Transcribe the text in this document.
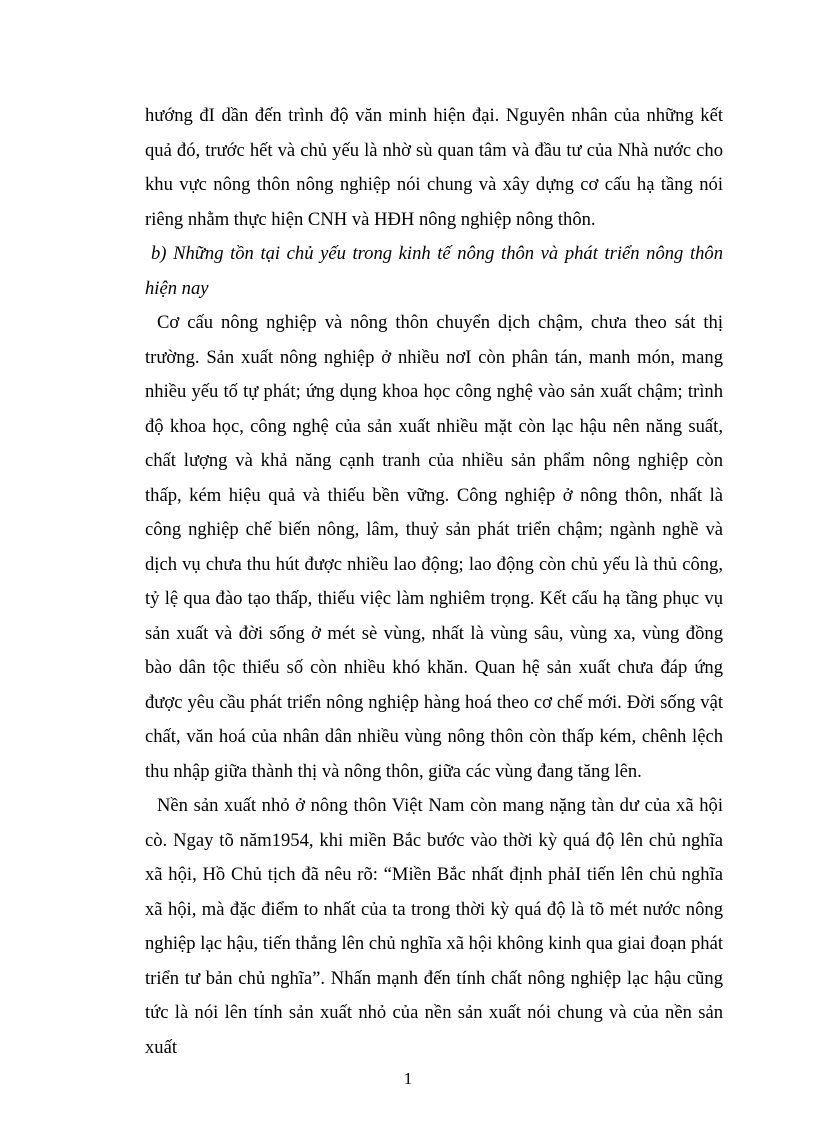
hướng đI dần đến trình độ văn minh hiện đại. Nguyên nhân của những kết quả đó, trước hết và chủ yếu là nhờ sù quan tâm và đầu tư của Nhà nước cho khu vực nông thôn nông nghiệp nói chung và xây dựng cơ cấu hạ tầng nói riêng nhằm thực hiện CNH và HĐH nông nghiệp nông thôn.

b) Những tồn tại chủ yếu trong kinh tế nông thôn và phát triển nông thôn hiện nay

Cơ cấu nông nghiệp và nông thôn chuyển dịch chậm, chưa theo sát thị trường. Sản xuất nông nghiệp ở nhiều nơI còn phân tán, manh món, mang nhiều yếu tố tự phát; ứng dụng khoa học công nghệ vào sản xuất chậm; trình độ khoa học, công nghệ của sản xuất nhiều mặt còn lạc hậu nên năng suất, chất lượng và khả năng cạnh tranh của nhiều sản phẩm nông nghiệp còn thấp, kém hiệu quả và thiếu bền vững. Công nghiệp ở nông thôn, nhất là công nghiệp chế biến nông, lâm, thuỷ sản phát triển chậm; ngành nghề và dịch vụ chưa thu hút được nhiều lao động; lao động còn chủ yếu là thủ công, tỷ lệ qua đào tạo thấp, thiếu việc làm nghiêm trọng. Kết cấu hạ tầng phục vụ sản xuất và đời sống ở mét sè vùng, nhất là vùng sâu, vùng xa, vùng đồng bào dân tộc thiểu số còn nhiều khó khăn. Quan hệ sản xuất chưa đáp ứng được yêu cầu phát triển nông nghiệp hàng hoá theo cơ chế mới. Đời sống vật chất, văn hoá của nhân dân nhiều vùng nông thôn còn thấp kém, chênh lệch thu nhập giữa thành thị và nông thôn, giữa các vùng đang tăng lên.

Nền sản xuất nhỏ ở nông thôn Việt Nam còn mang nặng tàn dư của xã hội cò. Ngay tõ năm1954, khi miền Bắc bước vào thời kỳ quá độ lên chủ nghĩa xã hội, Hồ Chủ tịch đã nêu rõ: “Miền Bắc nhất định phảI tiến lên chủ nghĩa xã hội, mà đặc điểm to nhất của ta trong thời kỳ quá độ là tõ mét nước nông nghiệp lạc hậu, tiến thẳng lên chủ nghĩa xã hội không kinh qua giai đoạn phát triển tư bản chủ nghĩa”. Nhấn mạnh đến tính chất nông nghiệp lạc hậu cũng tức là nói lên tính sản xuất nhỏ của nền sản xuất nói chung và của nền sản xuất

1
